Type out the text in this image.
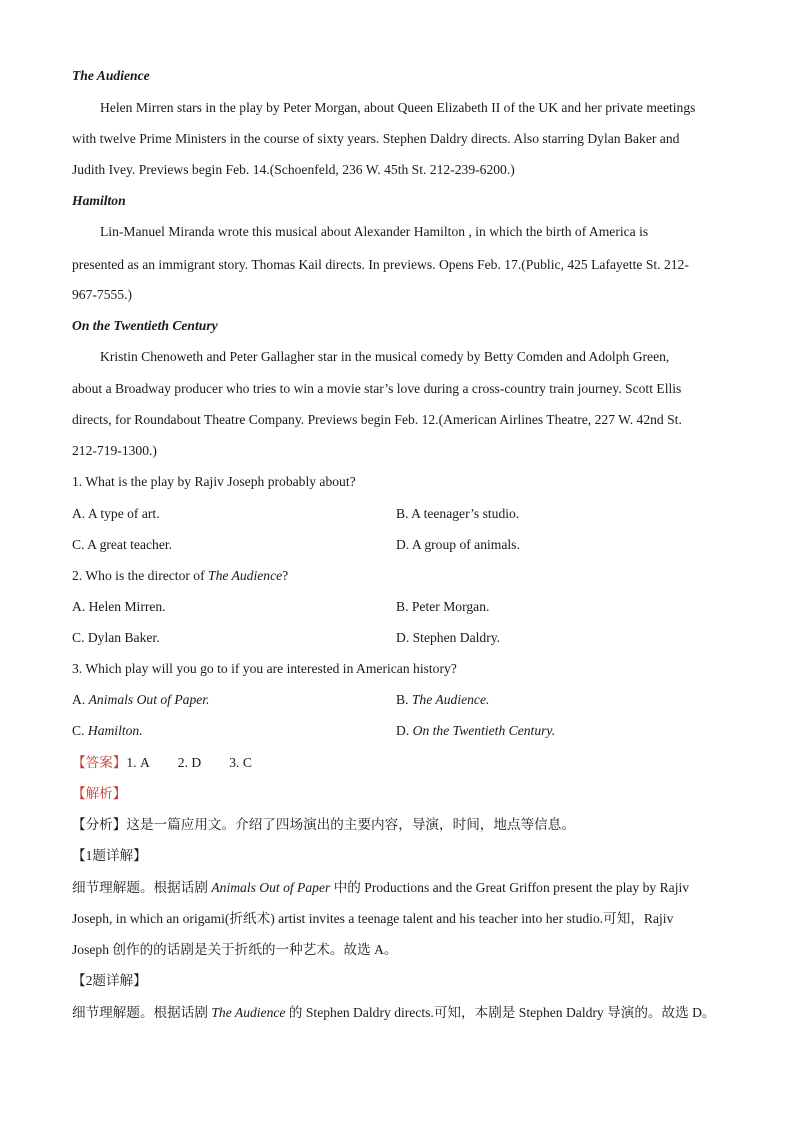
The Audience
Helen Mirren stars in the play by Peter Morgan, about Queen Elizabeth II of the UK and her private meetings
with twelve Prime Ministers in the course of sixty years. Stephen Daldry directs. Also starring Dylan Baker and
Judith Ivey. Previews begin Feb. 14.(Schoenfeld, 236 W. 45th St. 212-239-6200.)
Hamilton
Lin-Manuel Miranda wrote this musical about Alexander Hamilton , in which the birth of America is
presented as an immigrant story. Thomas Kail directs. In previews. Opens Feb. 17.(Public, 425 Lafayette St. 212-
967-7555.)
On the Twentieth Century
Kristin Chenoweth and Peter Gallagher star in the musical comedy by Betty Comden and Adolph Green,
about a Broadway producer who tries to win a movie star’s love during a cross-country train journey. Scott Ellis
directs, for Roundabout Theatre Company. Previews begin Feb. 12.(American Airlines Theatre, 227 W. 42nd St.
212-719-1300.)
1. What is the play by Rajiv Joseph probably about?
A. A type of art.	B. A teenager’s studio.
C. A great teacher.	D. A group of animals.
2. Who is the director of The Audience?
A. Helen Mirren.	B. Peter Morgan.
C. Dylan Baker.	D. Stephen Daldry.
3. Which play will you go to if you are interested in American history?
A. Animals Out of Paper.	B. The Audience.
C. Hamilton.	D. On the Twentieth Century.
【答案】1. A 2. D 3. C
【解析】
【分析】这是一篇应用文。介绍了四场演出的主要内容，导演，时间，地点等信息。
【1题详解】
细节理解题。根据话剧 Animals Out of Paper 中的 Productions and the Great Griffon present the play by Rajiv
Joseph, in which an origami(折纸术) artist invites a teenage talent and his teacher into her studio.可知，Rajiv
Joseph 创作的的话剧是关于折纸的一种艺术。故选 A。
【2题详解】
细节理解题。根据话剧 The Audience 的 Stephen Daldry directs.可知，本剧是 Stephen Daldry 导演的。故选 D。
